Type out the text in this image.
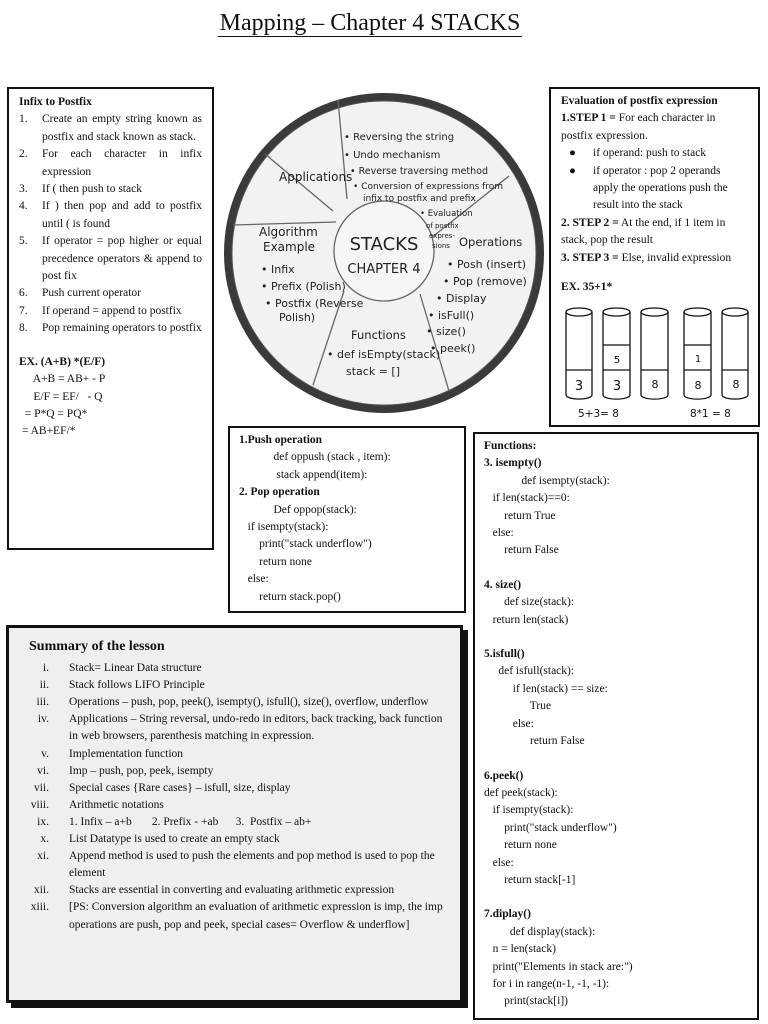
Mapping – Chapter 4 STACKS
Infix to Postfix
1.	Create an empty string known as postfix and stack known as stack.
2.	For each character in infix expression
3.	If ( then push to stack
4.	If ) then pop and add to postfix until ( is found
5.	If operator = pop higher or equal precedence operators & append to post fix
6.	Push current operator
7.	If operand = append to postfix
8.	Pop remaining operators to postfix
EX. (A+B) *(E/F)
A+B = AB+ - P
E/F = EF/   - Q
= P*Q = PQ*
= AB+EF/*
STACKS
CHAPTER 4
Applications
• Reversing the string
• Undo mechanism
• Reverse traversing method
• Conversion of expressions from
infix to postfix and prefix
• Evaluation
of postfix
expres-
sions
Algorithm
Example
• Infix
• Prefix (Polish)
• Postfix (Reverse
Polish)
Operations
• Posh (insert)
• Pop (remove)
• Display
• isFull()
• size()
• peek()
Functions
• def isEmpty(stack)
stack = []
Evaluation of postfix expression
1.STEP 1 = For each character in postfix expression.
●	if operand: push to stack
●	if operator : pop 2 operands apply the operations push the result into the stack
2. STEP 2 = At the end, if 1 item in stack, pop the result
3. STEP 3 = Else, invalid expression
EX. 35+1*
3
5
3	8
1
8	8
5+3= 8	8*1 = 8
1.Push operation
def oppush (stack , item):
stack append(item):
2. Pop operation
Def oppop(stack):
if isempty(stack):
print("stack underflow")
return none
else:
return stack.pop()
Functions:
3. isempty()
def isempty(stack):
if len(stack)==0:
return True
else:
return False
4. size()
def size(stack):
return len(stack)
5.isfull()
def isfull(stack):
if len(stack) == size:
True
else:
return False
6.peek()
def peek(stack):
if isempty(stack):
print("stack underflow")
return none
else:
return stack[-1]
7.diplay()
def display(stack):
n = len(stack)
print("Elements in stack are:")
for i in range(n-1, -1, -1):
print(stack[i])
Summary of the lesson
i.	Stack= Linear Data structure
ii.	Stack follows LIFO Principle
iii.	Operations – push, pop, peek(), isempty(), isfull(), size(), overflow, underflow
iv.	Applications – String reversal, undo-redo in editors, back tracking, back function in web browsers, parenthesis matching in expression.
v.	Implementation function
vi.	Imp – push, pop, peek, isempty
vii.	Special cases {Rare cases} – isfull, size, display
viii.	Arithmetic notations
ix.	1. Infix – a+b       2. Prefix - +ab      3.  Postfix – ab+
x.	List Datatype is used to create an empty stack
xi.	Append method is used to push the elements and pop method is used to pop the element
xii.	Stacks are essential in converting and evaluating arithmetic expression
xiii.	[PS: Conversion algorithm an evaluation of arithmetic expression is imp, the imp operations are push, pop and peek, special cases= Overflow & underflow]
